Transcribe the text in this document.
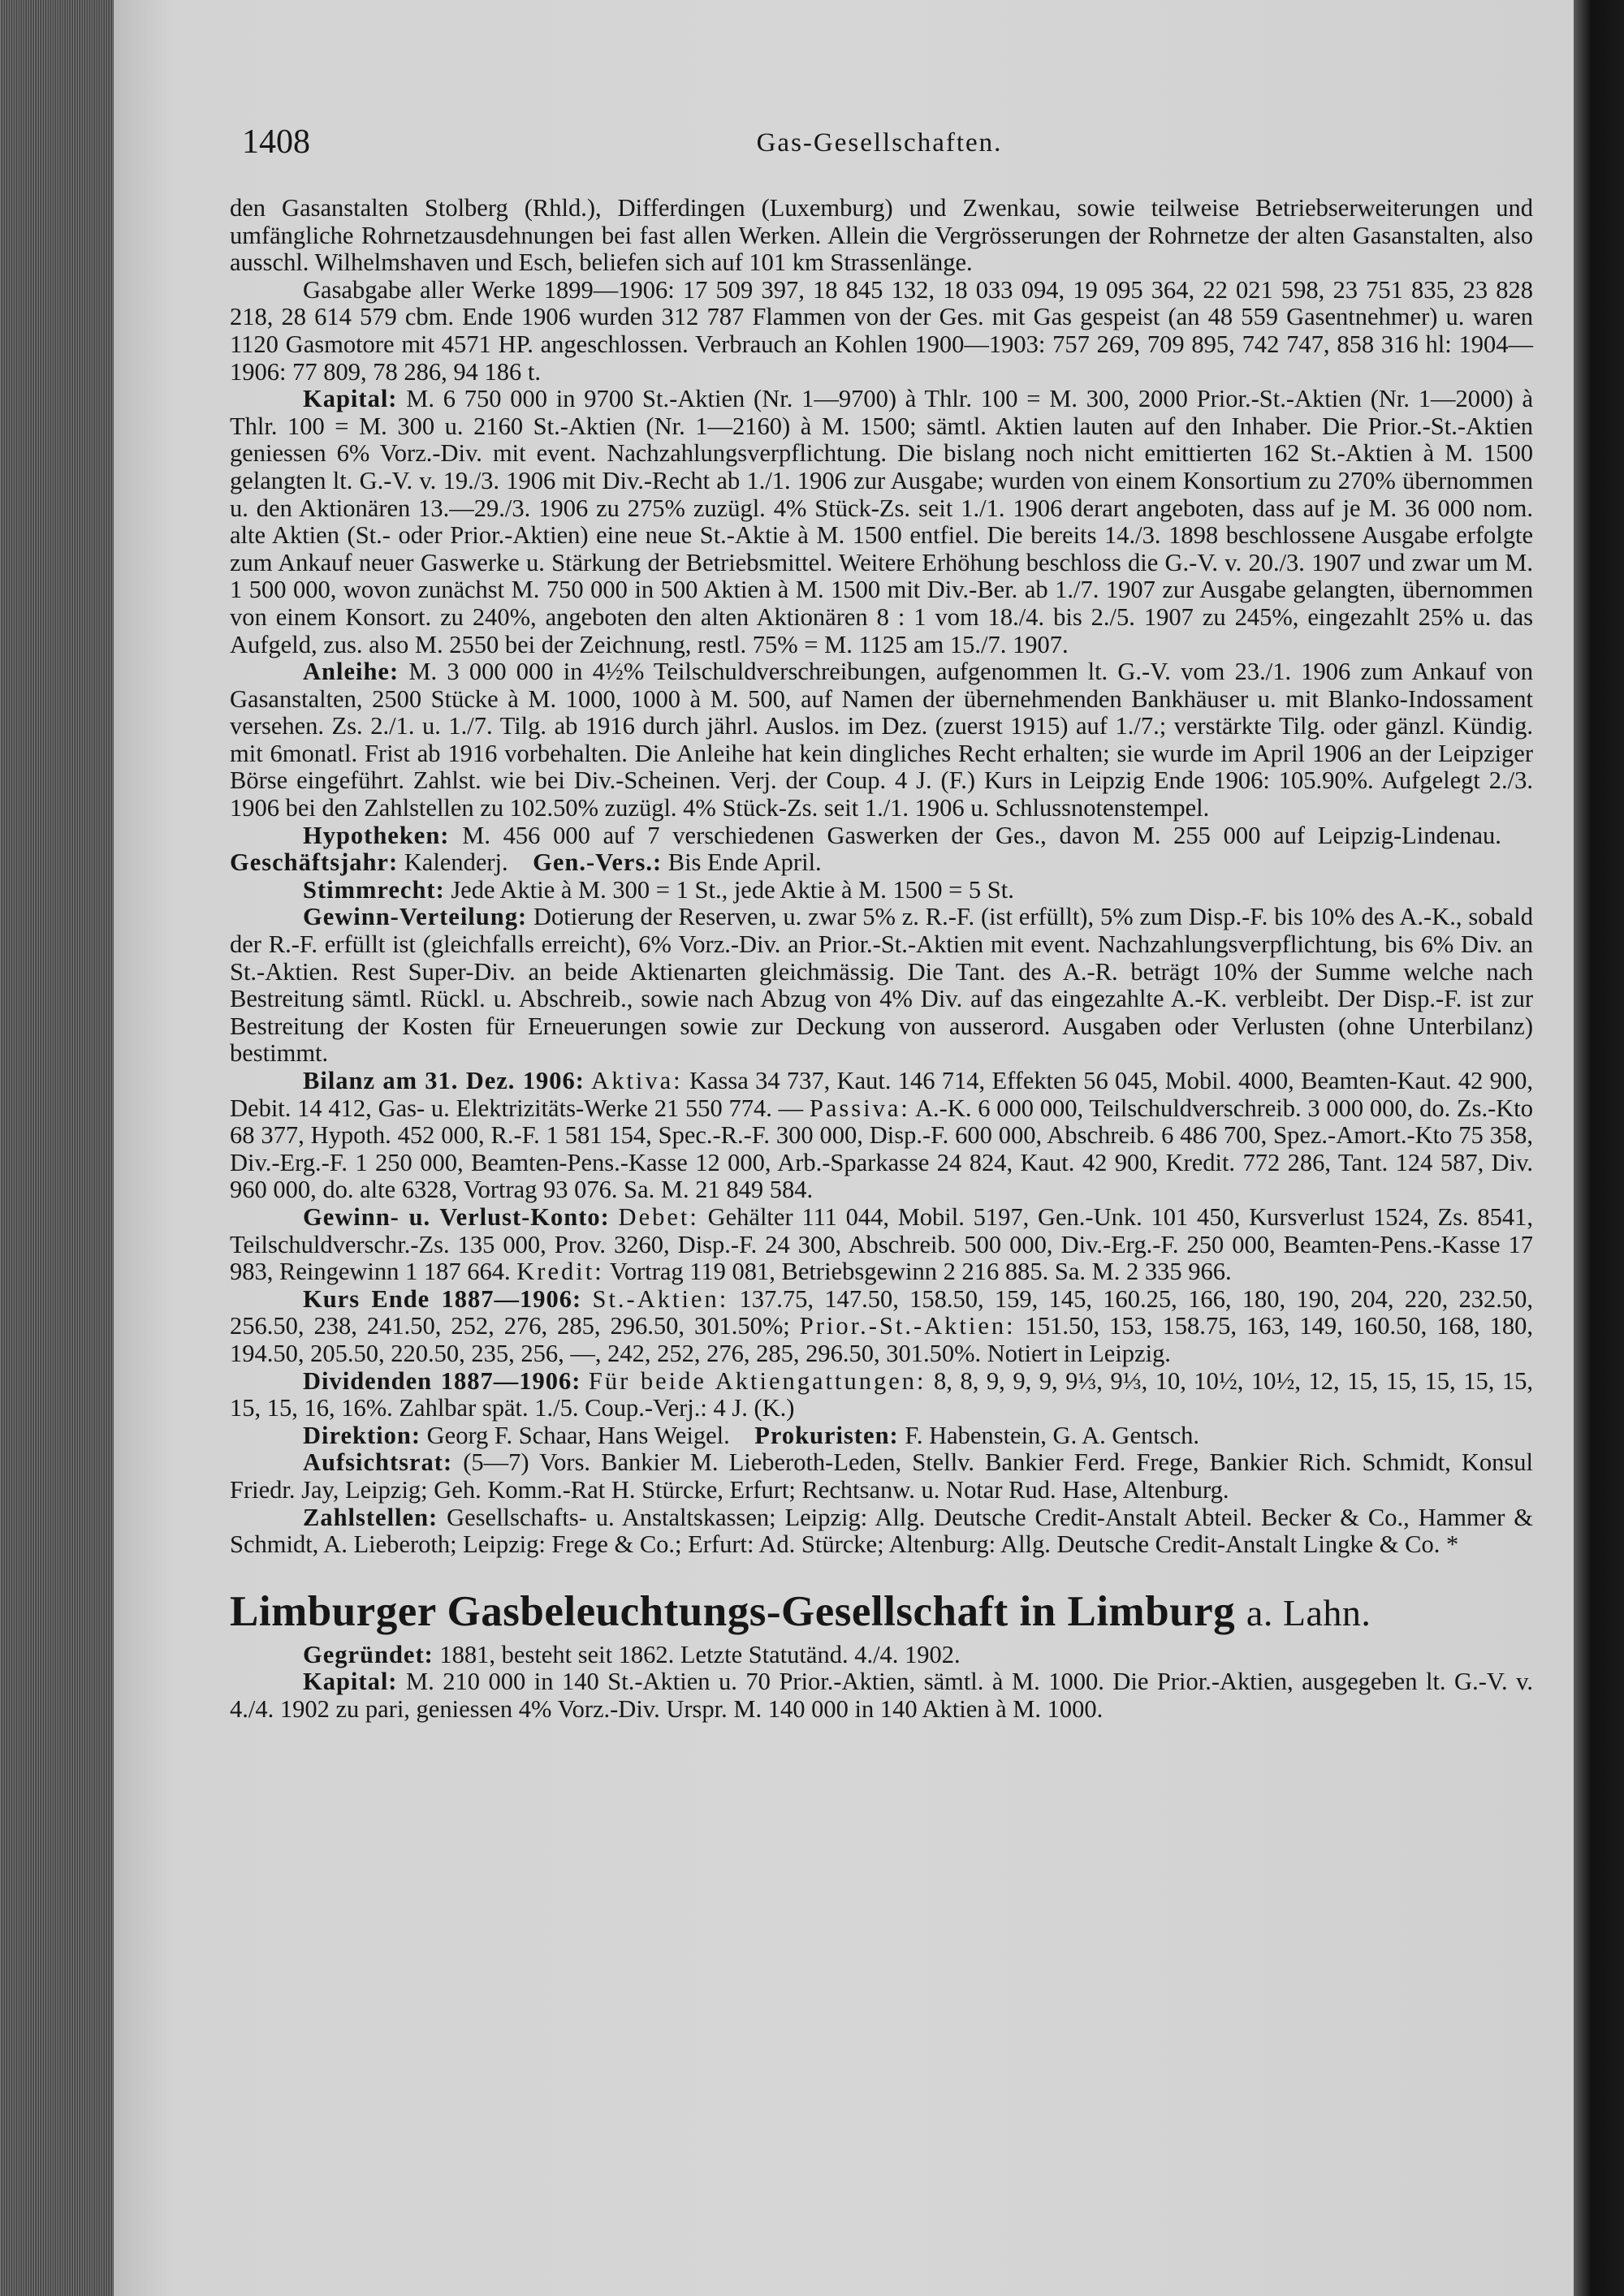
1408	Gas-Gesellschaften.

den Gasanstalten Stolberg (Rhld.), Differdingen (Luxemburg) und Zwenkau, sowie teilweise Betriebserweiterungen und umfängliche Rohrnetzausdehnungen bei fast allen Werken. Allein die Vergrösserungen der Rohrnetze der alten Gasanstalten, also ausschl. Wilhelmshaven und Esch, beliefen sich auf 101 km Strassenlänge.

Gasabgabe aller Werke 1899—1906: 17 509 397, 18 845 132, 18 033 094, 19 095 364, 22 021 598, 23 751 835, 23 828 218, 28 614 579 cbm. Ende 1906 wurden 312 787 Flammen von der Ges. mit Gas gespeist (an 48 559 Gasentnehmer) u. waren 1120 Gasmotore mit 4571 HP. angeschlossen. Verbrauch an Kohlen 1900—1903: 757 269, 709 895, 742 747, 858 316 hl: 1904—1906: 77 809, 78 286, 94 186 t.

Kapital: M. 6 750 000 in 9700 St.-Aktien (Nr. 1—9700) à Thlr. 100 = M. 300, 2000 Prior.-St.-Aktien (Nr. 1—2000) à Thlr. 100 = M. 300 u. 2160 St.-Aktien (Nr. 1—2160) à M. 1500; sämtl. Aktien lauten auf den Inhaber. Die Prior.-St.-Aktien geniessen 6% Vorz.-Div. mit event. Nachzahlungsverpflichtung. Die bislang noch nicht emittierten 162 St.-Aktien à M. 1500 gelangten lt. G.-V. v. 19./3. 1906 mit Div.-Recht ab 1./1. 1906 zur Ausgabe; wurden von einem Konsortium zu 270% übernommen u. den Aktionären 13.—29./3. 1906 zu 275% zuzügl. 4% Stück-Zs. seit 1./1. 1906 derart angeboten, dass auf je M. 36 000 nom. alte Aktien (St.- oder Prior.-Aktien) eine neue St.-Aktie à M. 1500 entfiel. Die bereits 14./3. 1898 beschlossene Ausgabe erfolgte zum Ankauf neuer Gaswerke u. Stärkung der Betriebsmittel. Weitere Erhöhung beschloss die G.-V. v. 20./3. 1907 und zwar um M. 1 500 000, wovon zunächst M. 750 000 in 500 Aktien à M. 1500 mit Div.-Ber. ab 1./7. 1907 zur Ausgabe gelangten, übernommen von einem Konsort. zu 240%, angeboten den alten Aktionären 8 : 1 vom 18./4. bis 2./5. 1907 zu 245%, eingezahlt 25% u. das Aufgeld, zus. also M. 2550 bei der Zeichnung, restl. 75% = M. 1125 am 15./7. 1907.

Anleihe: M. 3 000 000 in 4½% Teilschuldverschreibungen, aufgenommen lt. G.-V. vom 23./1. 1906 zum Ankauf von Gasanstalten, 2500 Stücke à M. 1000, 1000 à M. 500, auf Namen der übernehmenden Bankhäuser u. mit Blanko-Indossament versehen. Zs. 2./1. u. 1./7. Tilg. ab 1916 durch jährl. Auslos. im Dez. (zuerst 1915) auf 1./7.; verstärkte Tilg. oder gänzl. Kündig. mit 6monatl. Frist ab 1916 vorbehalten. Die Anleihe hat kein dingliches Recht erhalten; sie wurde im April 1906 an der Leipziger Börse eingeführt. Zahlst. wie bei Div.-Scheinen. Verj. der Coup. 4 J. (F.) Kurs in Leipzig Ende 1906: 105.90%. Aufgelegt 2./3. 1906 bei den Zahlstellen zu 102.50% zuzügl. 4% Stück-Zs. seit 1./1. 1906 u. Schlussnotenstempel.

Hypotheken: M. 456 000 auf 7 verschiedenen Gaswerken der Ges., davon M. 255 000 auf Leipzig-Lindenau.    Geschäftsjahr: Kalenderj. Gen.-Vers.: Bis Ende April.

Stimmrecht: Jede Aktie à M. 300 = 1 St., jede Aktie à M. 1500 = 5 St.

Gewinn-Verteilung: Dotierung der Reserven, u. zwar 5% z. R.-F. (ist erfüllt), 5% zum Disp.-F. bis 10% des A.-K., sobald der R.-F. erfüllt ist (gleichfalls erreicht), 6% Vorz.-Div. an Prior.-St.-Aktien mit event. Nachzahlungsverpflichtung, bis 6% Div. an St.-Aktien. Rest Super-Div. an beide Aktienarten gleichmässig. Die Tant. des A.-R. beträgt 10% der Summe welche nach Bestreitung sämtl. Rückl. u. Abschreib., sowie nach Abzug von 4% Div. auf das eingezahlte A.-K. verbleibt. Der Disp.-F. ist zur Bestreitung der Kosten für Erneuerungen sowie zur Deckung von ausserord. Ausgaben oder Verlusten (ohne Unterbilanz) bestimmt.

Bilanz am 31. Dez. 1906: Aktiva: Kassa 34 737, Kaut. 146 714, Effekten 56 045, Mobil. 4000, Beamten-Kaut. 42 900, Debit. 14 412, Gas- u. Elektrizitäts-Werke 21 550 774. — Passiva: A.-K. 6 000 000, Teilschuldverschreib. 3 000 000, do. Zs.-Kto 68 377, Hypoth. 452 000, R.-F. 1 581 154, Spec.-R.-F. 300 000, Disp.-F. 600 000, Abschreib. 6 486 700, Spez.-Amort.-Kto 75 358, Div.-Erg.-F. 1 250 000, Beamten-Pens.-Kasse 12 000, Arb.-Sparkasse 24 824, Kaut. 42 900, Kredit. 772 286, Tant. 124 587, Div. 960 000, do. alte 6328, Vortrag 93 076. Sa. M. 21 849 584.

Gewinn- u. Verlust-Konto: Debet: Gehälter 111 044, Mobil. 5197, Gen.-Unk. 101 450, Kursverlust 1524, Zs. 8541, Teilschuldverschr.-Zs. 135 000, Prov. 3260, Disp.-F. 24 300, Abschreib. 500 000, Div.-Erg.-F. 250 000, Beamten-Pens.-Kasse 17 983, Reingewinn 1 187 664. Kredit: Vortrag 119 081, Betriebsgewinn 2 216 885. Sa. M. 2 335 966.

Kurs Ende 1887—1906: St.-Aktien: 137.75, 147.50, 158.50, 159, 145, 160.25, 166, 180, 190, 204, 220, 232.50, 256.50, 238, 241.50, 252, 276, 285, 296.50, 301.50%; Prior.-St.-Aktien: 151.50, 153, 158.75, 163, 149, 160.50, 168, 180, 194.50, 205.50, 220.50, 235, 256, —, 242, 252, 276, 285, 296.50, 301.50%. Notiert in Leipzig.

Dividenden 1887—1906: Für beide Aktiengattungen: 8, 8, 9, 9, 9, 9⅓, 9⅓, 10, 10½, 10½, 12, 15, 15, 15, 15, 15, 15, 15, 16, 16%. Zahlbar spät. 1./5. Coup.-Verj.: 4 J. (K.)

Direktion: Georg F. Schaar, Hans Weigel. Prokuristen: F. Habenstein, G. A. Gentsch.

Aufsichtsrat: (5—7) Vors. Bankier M. Lieberoth-Leden, Stellv. Bankier Ferd. Frege, Bankier Rich. Schmidt, Konsul Friedr. Jay, Leipzig; Geh. Komm.-Rat H. Stürcke, Erfurt; Rechtsanw. u. Notar Rud. Hase, Altenburg.

Zahlstellen: Gesellschafts- u. Anstaltskassen; Leipzig: Allg. Deutsche Credit-Anstalt Abteil. Becker & Co., Hammer & Schmidt, A. Lieberoth; Leipzig: Frege & Co.; Erfurt: Ad. Stürcke; Altenburg: Allg. Deutsche Credit-Anstalt Lingke & Co. *

Limburger Gasbeleuchtungs-Gesellschaft in Limburg a. Lahn.

Gegründet: 1881, besteht seit 1862. Letzte Statutänd. 4./4. 1902.

Kapital: M. 210 000 in 140 St.-Aktien u. 70 Prior.-Aktien, sämtl. à M. 1000. Die Prior.-Aktien, ausgegeben lt. G.-V. v. 4./4. 1902 zu pari, geniessen 4% Vorz.-Div. Urspr. M. 140 000 in 140 Aktien à M. 1000.
